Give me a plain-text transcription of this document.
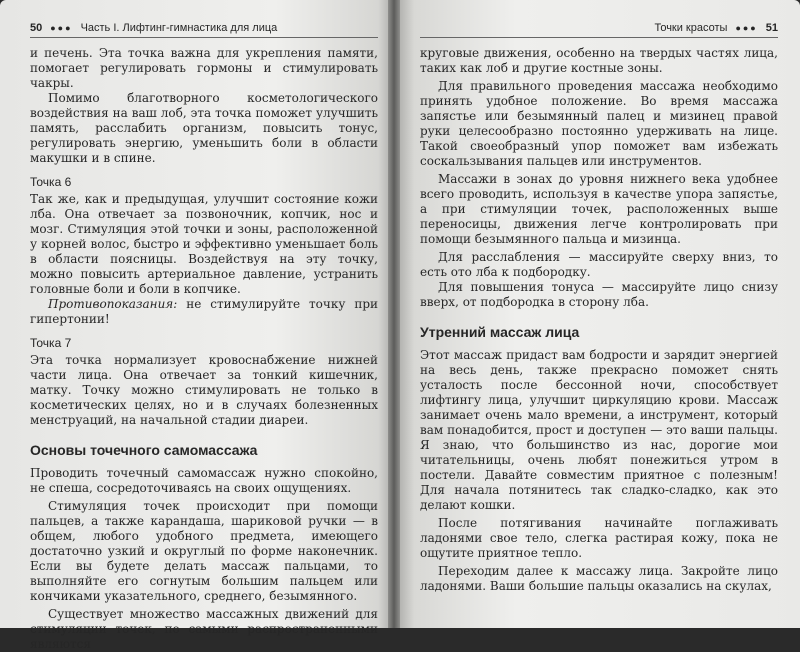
50 ●●● Часть I. Лифтинг-гимнастика для лица

и печень. Эта точка важна для укрепления памяти, помогает регулировать гормоны и стимулировать чакры.

Помимо благотворного косметологического воздействия на ваш лоб, эта точка поможет улучшить память, расслабить организм, повысить тонус, регулировать энергию, уменьшить боли в области макушки и в спине.

Точка 6

Так же, как и предыдущая, улучшит состояние кожи лба. Она отвечает за позвоночник, копчик, нос и мозг. Стимуляция этой точки и зоны, расположенной у корней волос, быстро и эффективно уменьшает боль в области поясницы. Воздействуя на эту точку, можно повысить артериальное давление, устранить головные боли и боли в копчике.

Противопоказания: не стимулируйте точку при гипертонии!

Точка 7

Эта точка нормализует кровоснабжение нижней части лица. Она отвечает за тонкий кишечник, матку. Точку можно стимулировать не только в косметических целях, но и в случаях болезненных менструаций, на начальной стадии диареи.

Основы точечного самомассажа

Проводить точечный самомассаж нужно спокойно, не спеша, сосредоточиваясь на своих ощущениях.

Стимуляция точек происходит при помощи пальцев, а также карандаша, шариковой ручки — в общем, любого удобного предмета, имеющего достаточно узкий и округлый по форме наконечник. Если вы будете делать массаж пальцами, то выполняйте его согнутым большим пальцем или кончиками указательного, среднего, безымянного.

Существует множество массажных движений для стимуляции точек, по самыми распространенными являются

Точки красоты ●●● 51

круговые движения, особенно на твердых частях лица, таких как лоб и другие костные зоны.

Для правильного проведения массажа необходимо принять удобное положение. Во время массажа запястье или безымянный палец и мизинец правой руки целесообразно постоянно удерживать на лице. Такой своеобразный упор поможет вам избежать соскальзывания пальцев или инструментов.

Массажи в зонах до уровня нижнего века удобнее всего проводить, используя в качестве упора запястье, а при стимуляции точек, расположенных выше переносицы, движения легче контролировать при помощи безымянного пальца и мизинца.

Для расслабления — массируйте сверху вниз, то есть ото лба к подбородку.

Для повышения тонуса — массируйте лицо снизу вверх, от подбородка в сторону лба.

Утренний массаж лица

Этот массаж придаст вам бодрости и зарядит энергией на весь день, также прекрасно поможет снять усталость после бессонной ночи, способствует лифтингу лица, улучшит циркуляцию крови. Массаж занимает очень мало времени, а инструмент, который вам понадобится, прост и доступен — это ваши пальцы. Я знаю, что большинство из нас, дорогие мои читательницы, очень любят понежиться утром в постели. Давайте совместим приятное с полезным! Для начала потянитесь так сладко-сладко, как это делают кошки.

После потягивания начинайте поглаживать ладонями свое тело, слегка растирая кожу, пока не ощутите приятное тепло.

Переходим далее к массажу лица. Закройте лицо ладонями. Ваши большие пальцы оказались на скулах,
